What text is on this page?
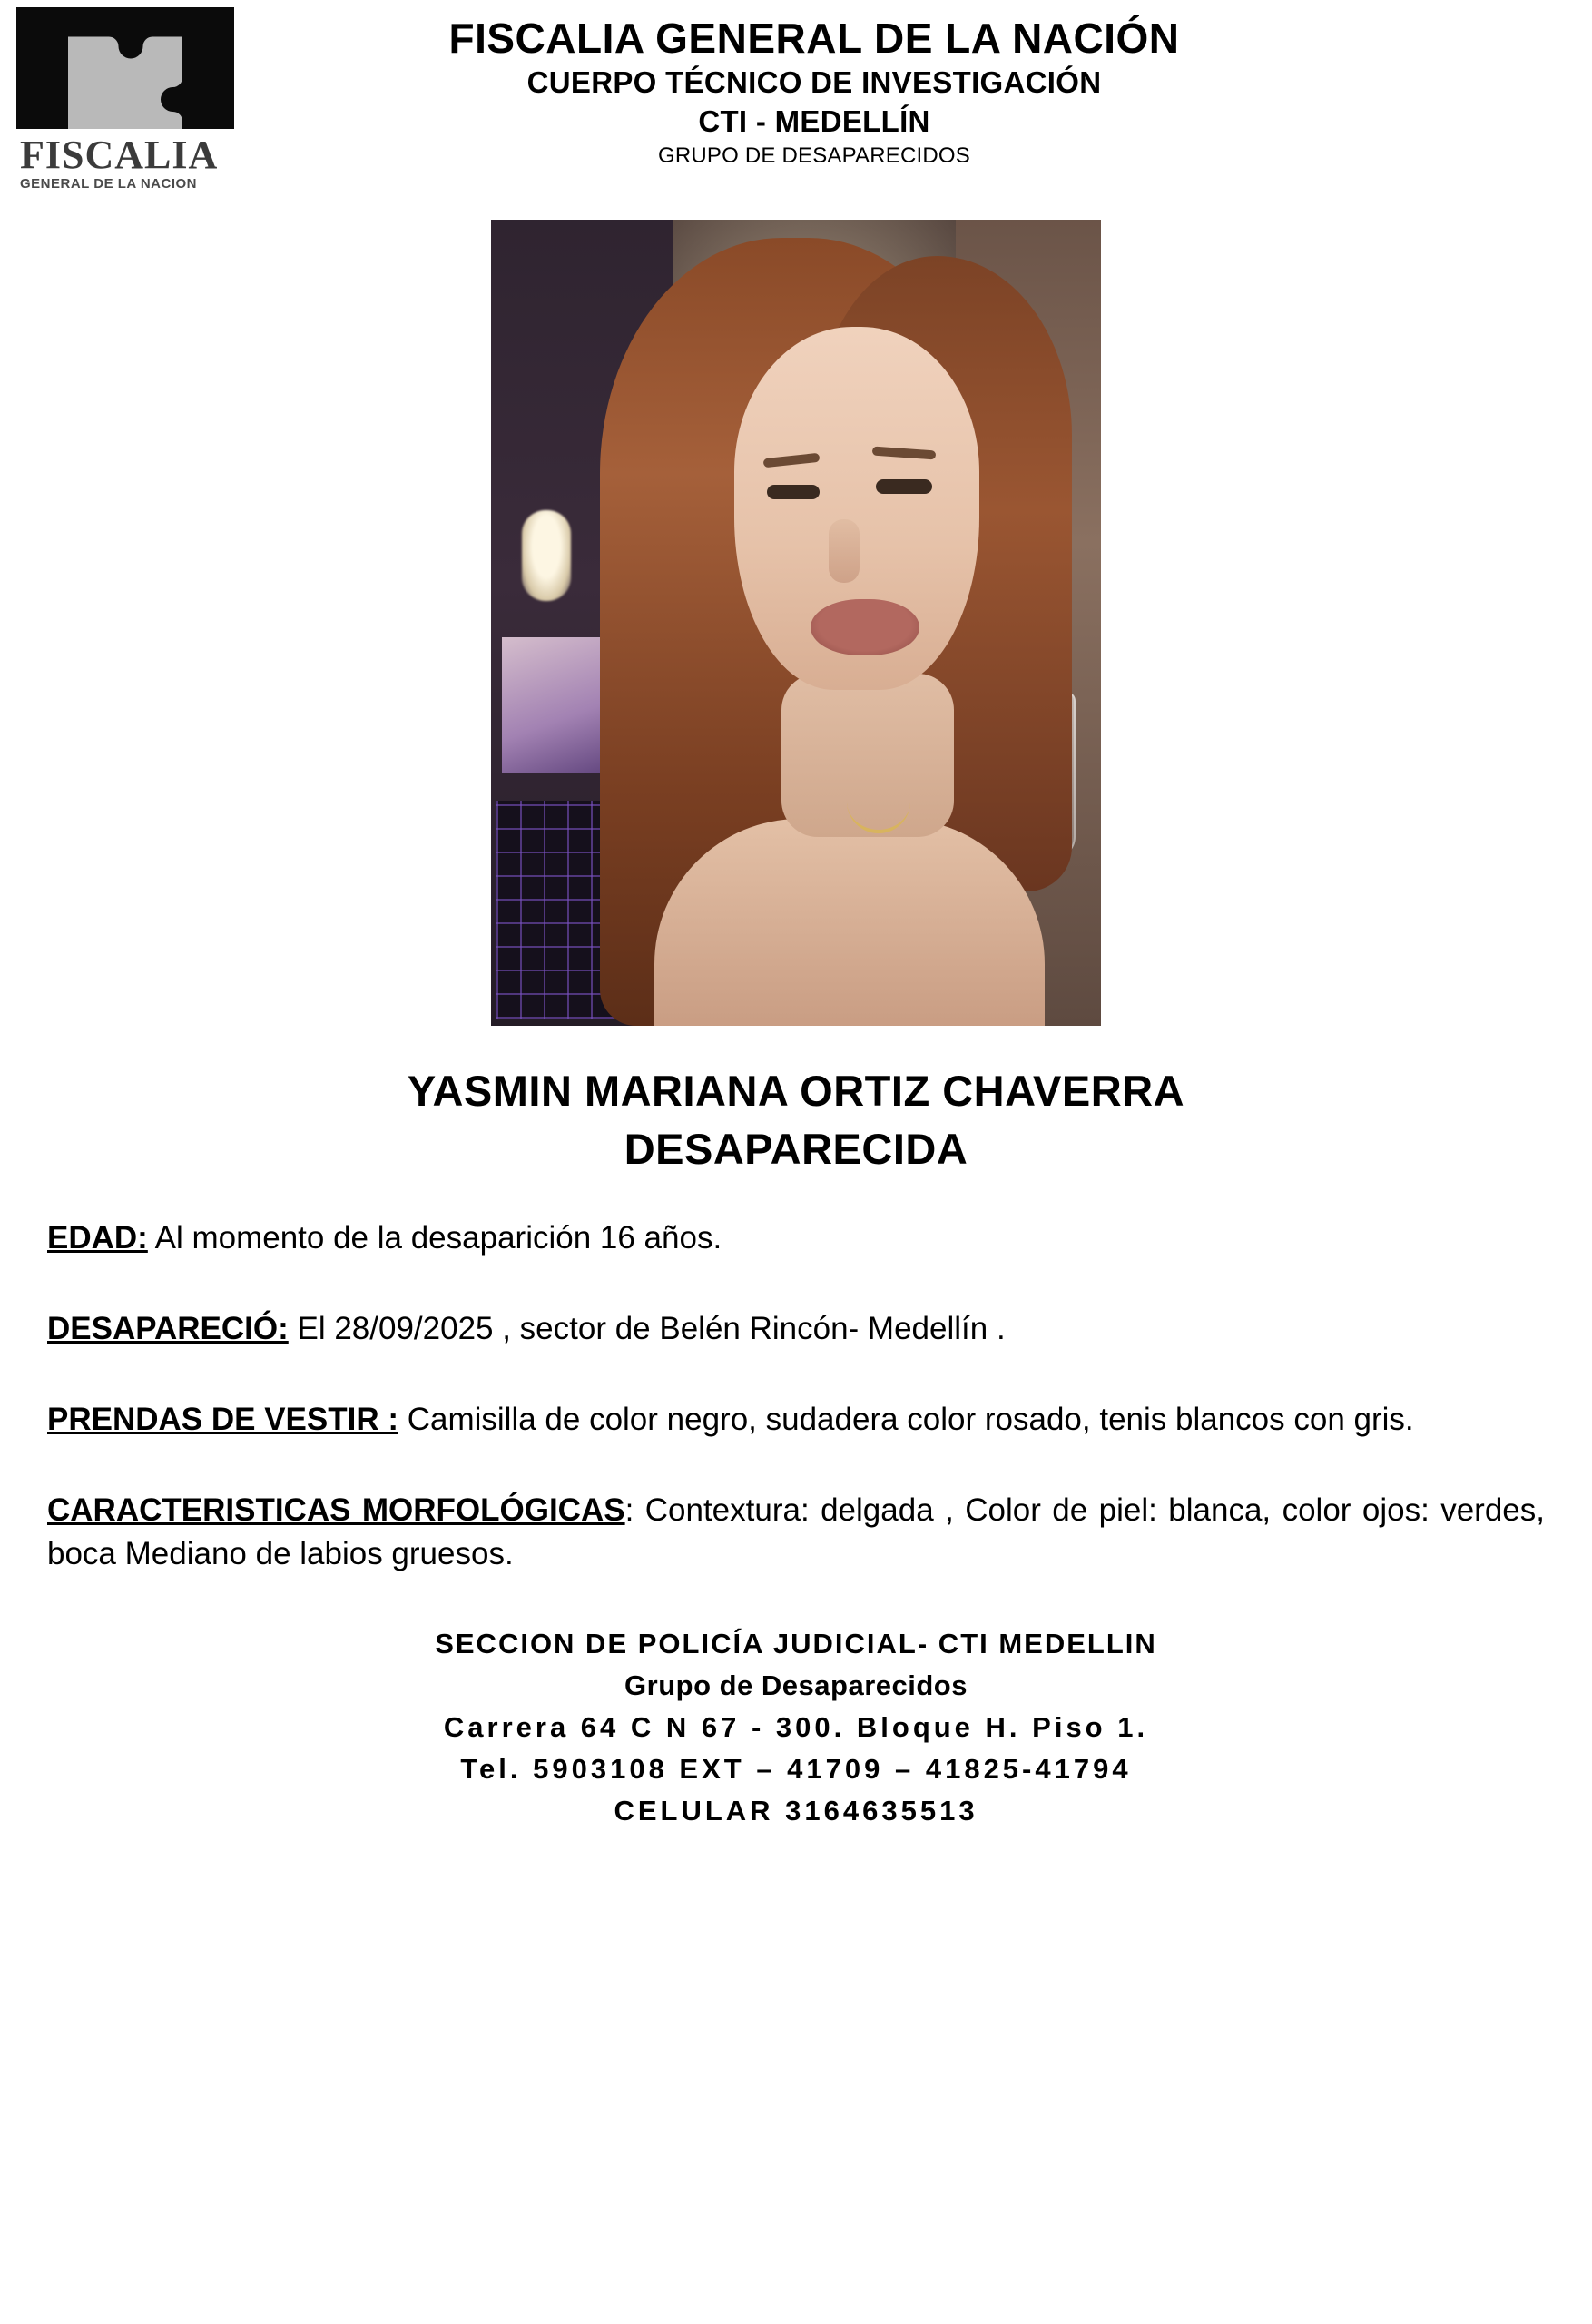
FISCALIA
GENERAL DE LA NACION
FISCALIA GENERAL DE LA NACIÓN
CUERPO TÉCNICO DE INVESTIGACIÓN
CTI - MEDELLÍN
GRUPO DE DESAPARECIDOS
YASMIN MARIANA ORTIZ CHAVERRA
DESAPARECIDA
EDAD: Al momento de la desaparición 16 años.
DESAPARECIÓ: El 28/09/2025 , sector de Belén Rincón- Medellín .
PRENDAS DE VESTIR : Camisilla de color negro, sudadera color rosado, tenis blancos con gris.
CARACTERISTICAS MORFOLÓGICAS: Contextura: delgada , Color de piel: blanca, color ojos: verdes, boca Mediano de labios gruesos.
SECCION DE POLICÍA JUDICIAL- CTI MEDELLIN
Grupo de Desaparecidos
Carrera 64 C N 67 - 300. Bloque H. Piso 1.
Tel. 5903108 EXT – 41709 – 41825-41794
CELULAR 3164635513
